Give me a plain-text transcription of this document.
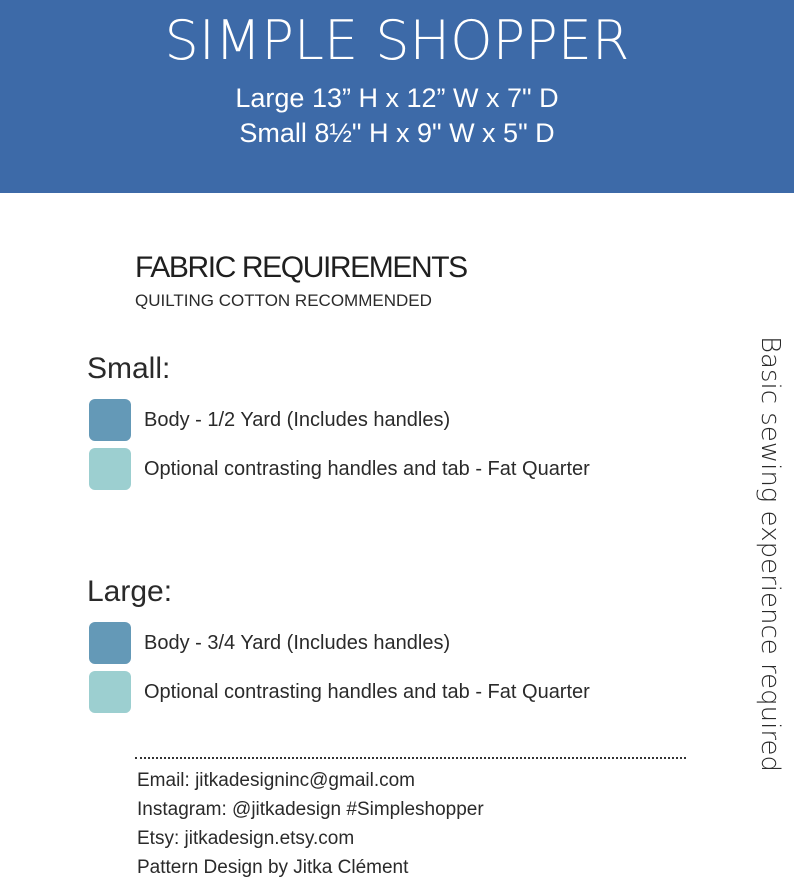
SIMPLE SHOPPER
Large 13” H x 12” W x 7" D
Small 8½" H x 9" W x 5" D
FABRIC REQUIREMENTS
QUILTING COTTON RECOMMENDED
Small:
Body - 1/2 Yard (Includes handles)
Optional contrasting handles and tab - Fat Quarter
Large:
Body - 3/4 Yard (Includes handles)
Optional contrasting handles and tab - Fat Quarter
Email: jitkadesigninc@gmail.com
Instagram: @jitkadesign #Simpleshopper
Etsy: jitkadesign.etsy.com
Pattern Design by Jitka Clément
Basic sewing experience required
